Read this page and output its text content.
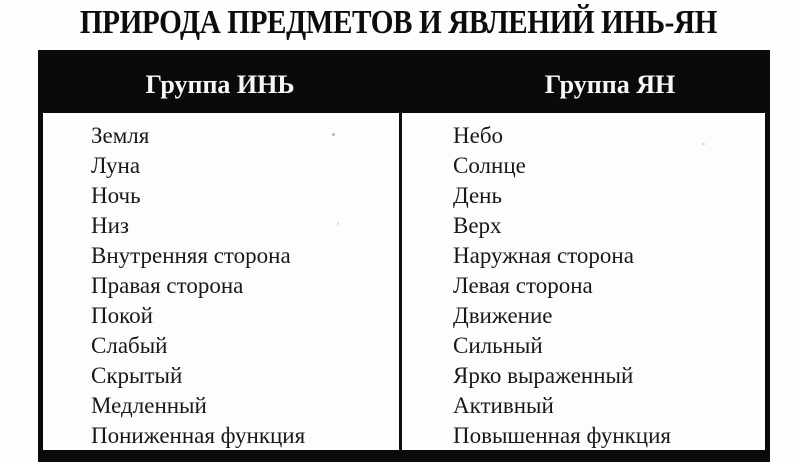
ПРИРОДА ПРЕДМЕТОВ И ЯВЛЕНИЙ ИНЬ-ЯН
Группа ИНЬ	Группа ЯН
Земля
Луна
Ночь
Низ
Внутренняя сторона
Правая сторона
Покой
Слабый
Скрытый
Медленный
Пониженная функция
Небо
Солнце
День
Верх
Наружная сторона
Левая сторона
Движение
Сильный
Ярко выраженный
Активный
Повышенная функция
